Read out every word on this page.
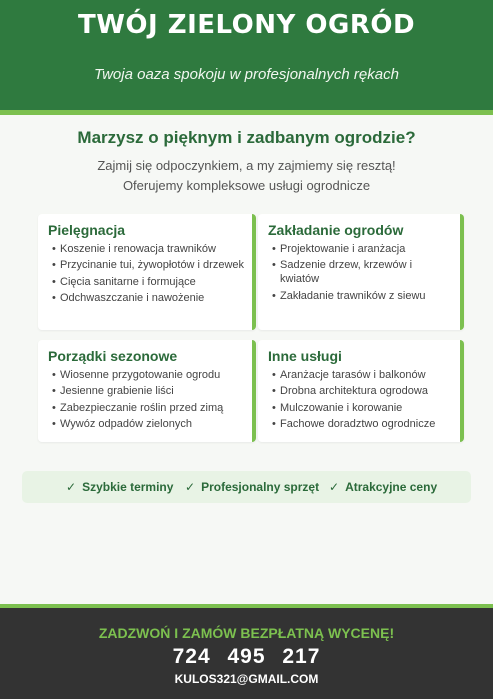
TWÓJ ZIELONY OGRÓD
Twoja oaza spokoju w profesjonalnych rękach
Marzysz o pięknym i zadbanym ogrodzie?
Zajmij się odpoczynkiem, a my zajmiemy się resztą!
Oferujemy kompleksowe usługi ogrodnicze
Pielęgnacja
• Koszenie i renowacja trawników
• Przycinanie tui, żywopłotów i drzewek
• Cięcia sanitarne i formujące
• Odchwaszczanie i nawożenie
Zakładanie ogrodów
• Projektowanie i aranżacja
• Sadzenie drzew, krzewów i kwiatów
• Zakładanie trawników z siewu
Porządki sezonowe
• Wiosenne przygotowanie ogrodu
• Jesienne grabienie liści
• Zabezpieczanie roślin przed zimą
• Wywóz odpadów zielonych
Inne usługi
• Aranżacje tarasów i balkonów
• Drobna architektura ogrodowa
• Mulczowanie i korowanie
• Fachowe doradztwo ogrodnicze
✓ Szybkie terminy ✓ Profesjonalny sprzęt ✓ Atrakcyjne ceny
ZADZWOŃ I ZAMÓW BEZPŁATNĄ WYCENĘ!
724 495 217
KULOS321@GMAIL.COM
